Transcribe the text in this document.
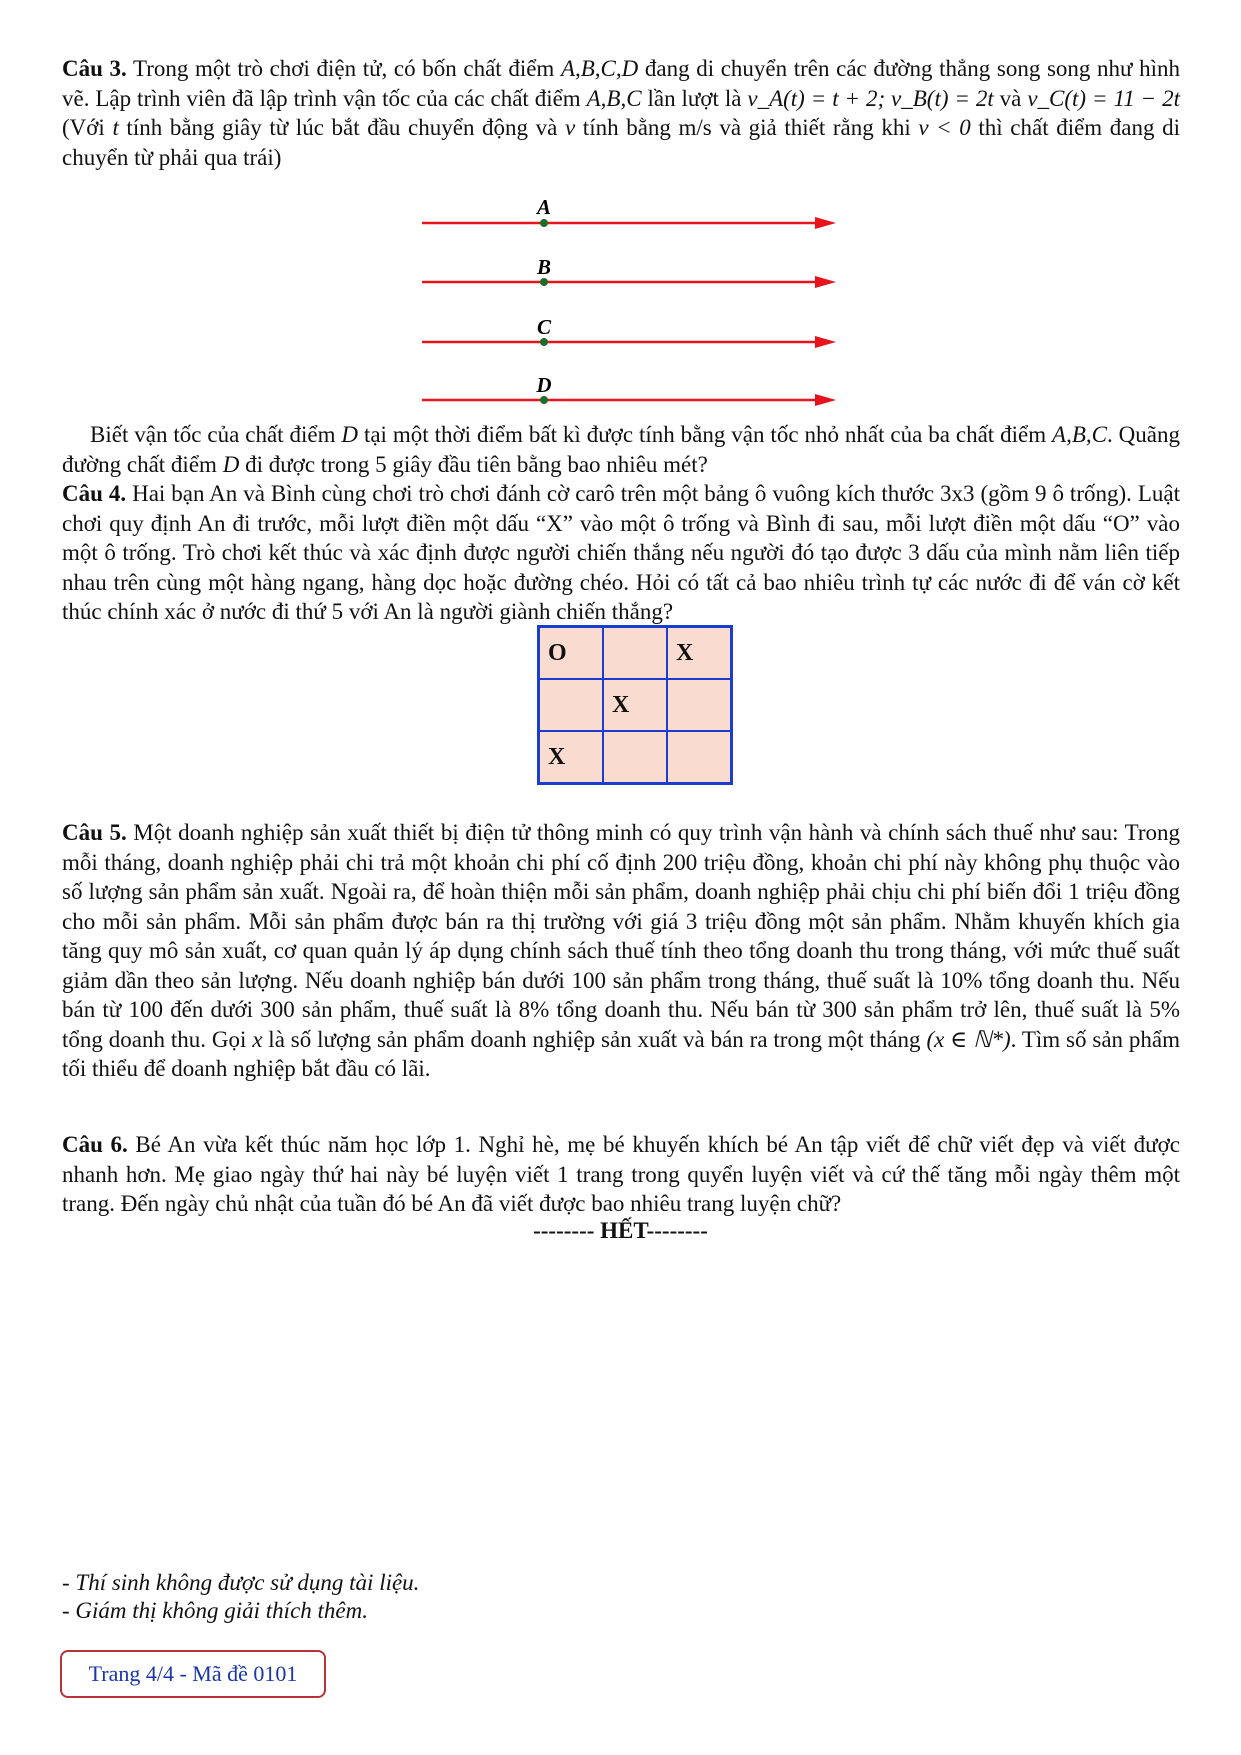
Câu 3. Trong một trò chơi điện tử, có bốn chất điểm A,B,C,D đang di chuyển trên các đường thẳng song song như hình vẽ. Lập trình viên đã lập trình vận tốc của các chất điểm A,B,C lần lượt là v_A(t) = t + 2; v_B(t) = 2t và v_C(t) = 11 − 2t (Với t tính bằng giây từ lúc bắt đầu chuyển động và v tính bằng m/s và giả thiết rằng khi v < 0 thì chất điểm đang di chuyển từ phải qua trái)

A
B
C
D

Biết vận tốc của chất điểm D tại một thời điểm bất kì được tính bằng vận tốc nhỏ nhất của ba chất điểm A,B,C. Quãng đường chất điểm D đi được trong 5 giây đầu tiên bằng bao nhiêu mét?

Câu 4. Hai bạn An và Bình cùng chơi trò chơi đánh cờ carô trên một bảng ô vuông kích thước 3x3 (gồm 9 ô trống). Luật chơi quy định An đi trước, mỗi lượt điền một dấu “X” vào một ô trống và Bình đi sau, mỗi lượt điền một dấu “O” vào một ô trống. Trò chơi kết thúc và xác định được người chiến thắng nếu người đó tạo được 3 dấu của mình nằm liên tiếp nhau trên cùng một hàng ngang, hàng dọc hoặc đường chéo. Hỏi có tất cả bao nhiêu trình tự các nước đi để ván cờ kết thúc chính xác ở nước đi thứ 5 với An là người giành chiến thắng?

O		X
	X	
X		

Câu 5. Một doanh nghiệp sản xuất thiết bị điện tử thông minh có quy trình vận hành và chính sách thuế như sau: Trong mỗi tháng, doanh nghiệp phải chi trả một khoản chi phí cố định 200 triệu đồng, khoản chi phí này không phụ thuộc vào số lượng sản phẩm sản xuất. Ngoài ra, để hoàn thiện mỗi sản phẩm, doanh nghiệp phải chịu chi phí biến đổi 1 triệu đồng cho mỗi sản phẩm. Mỗi sản phẩm được bán ra thị trường với giá 3 triệu đồng một sản phẩm. Nhằm khuyến khích gia tăng quy mô sản xuất, cơ quan quản lý áp dụng chính sách thuế tính theo tổng doanh thu trong tháng, với mức thuế suất giảm dần theo sản lượng. Nếu doanh nghiệp bán dưới 100 sản phẩm trong tháng, thuế suất là 10% tổng doanh thu. Nếu bán từ 100 đến dưới 300 sản phẩm, thuế suất là 8% tổng doanh thu. Nếu bán từ 300 sản phẩm trở lên, thuế suất là 5% tổng doanh thu. Gọi x là số lượng sản phẩm doanh nghiệp sản xuất và bán ra trong một tháng (x ∈ ℕ*). Tìm số sản phẩm tối thiểu để doanh nghiệp bắt đầu có lãi.

Câu 6. Bé An vừa kết thúc năm học lớp 1. Nghỉ hè, mẹ bé khuyến khích bé An tập viết để chữ viết đẹp và viết được nhanh hơn. Mẹ giao ngày thứ hai này bé luyện viết 1 trang trong quyển luyện viết và cứ thế tăng mỗi ngày thêm một trang. Đến ngày chủ nhật của tuần đó bé An đã viết được bao nhiêu trang luyện chữ?

-------- HẾT--------
- Thí sinh không được sử dụng tài liệu.
- Giám thị không giải thích thêm.
Trang 4/4 - Mã đề 0101
